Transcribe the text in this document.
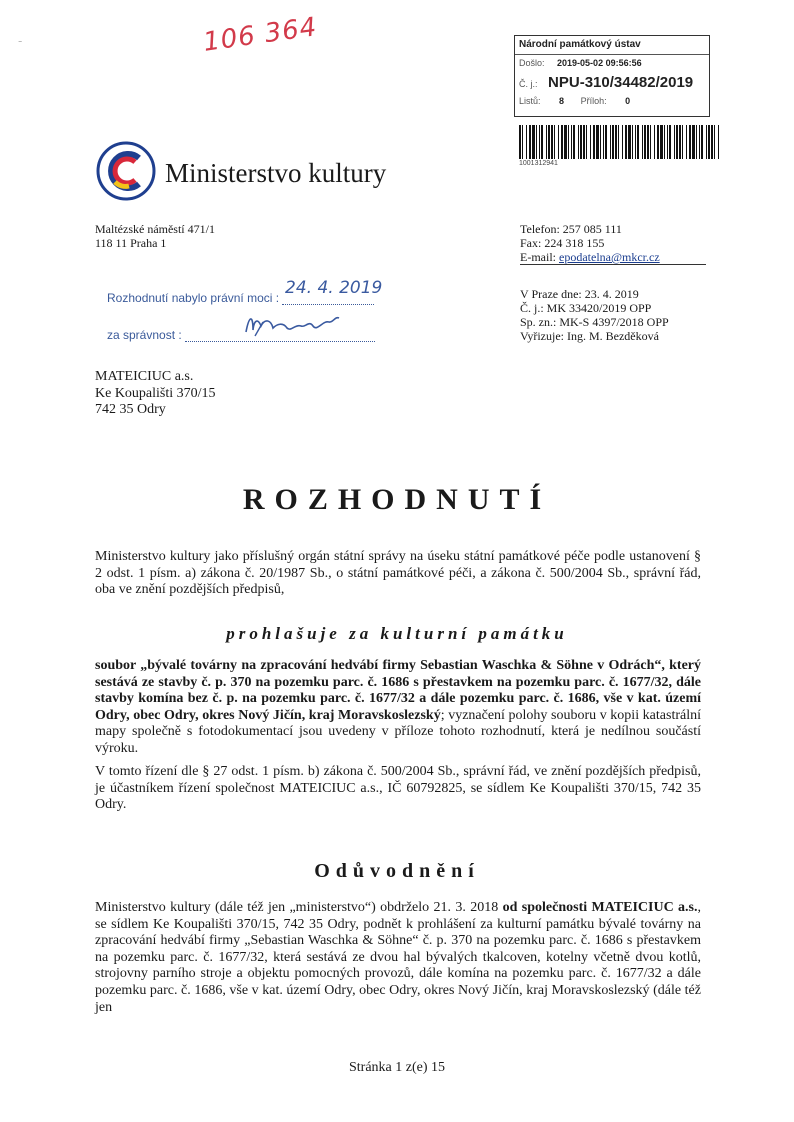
106 364
-	Národní památkový ústav
Došlo: 2019-05-02 09:56:56
Č. j.: NPU-310/34482/2019
Listů: 8 Příloh: 0
1001312941
Ministerstvo kultury
Maltézské náměstí 471/1
118 11 Praha 1
Telefon: 257 085 111
Fax: 224 318 155
E-mail: epodatelna@mkcr.cz
Rozhodnutí nabylo právní moci : 24. 4. 2019
za správnost :
V Praze dne: 23. 4. 2019
Č. j.: MK 33420/2019 OPP
Sp. zn.: MK-S 4397/2018 OPP
Vyřizuje: Ing. M. Bezděková
MATEICIUC a.s.
Ke Koupališti 370/15
742 35 Odry
ROZHODNUTÍ
Ministerstvo kultury jako příslušný orgán státní správy na úseku státní památkové péče podle ustanovení § 2 odst. 1 písm. a) zákona č. 20/1987 Sb., o státní památkové péči, a zákona č. 500/2004 Sb., správní řád, oba ve znění pozdějších předpisů,
prohlašuje za kulturní památku
soubor „bývalé továrny na zpracování hedvábí firmy Sebastian Waschka & Söhne v Odrách“, který sestává ze stavby č. p. 370 na pozemku parc. č. 1686 s přestavkem na pozemku parc. č. 1677/32, dále stavby komína bez č. p. na pozemku parc. č. 1677/32 a dále pozemku parc. č. 1686, vše v kat. území Odry, obec Odry, okres Nový Jičín, kraj Moravskoslezský; vyznačení polohy souboru v kopii katastrální mapy společně s fotodokumentací jsou uvedeny v příloze tohoto rozhodnutí, která je nedílnou součástí výroku.
V tomto řízení dle § 27 odst. 1 písm. b) zákona č. 500/2004 Sb., správní řád, ve znění pozdějších předpisů, je účastníkem řízení společnost MATEICIUC a.s., IČ 60792825, se sídlem Ke Koupališti 370/15, 742 35 Odry.
Odůvodnění
Ministerstvo kultury (dále též jen „ministerstvo“) obdrželo 21. 3. 2018 od společnosti MATEICIUC a.s., se sídlem Ke Koupališti 370/15, 742 35 Odry, podnět k prohlášení za kulturní památku bývalé továrny na zpracování hedvábí firmy „Sebastian Waschka & Söhne“ č. p. 370 na pozemku parc. č. 1686 s přestavkem na pozemku parc. č. 1677/32, která sestává ze dvou hal bývalých tkalcoven, kotelny včetně dvou kotlů, strojovny parního stroje a objektu pomocných provozů, dále komína na pozemku parc. č. 1677/32 a dále pozemku parc. č. 1686, vše v kat. území Odry, obec Odry, okres Nový Jičín, kraj Moravskoslezský (dále též jen
Stránka 1 z(e) 15
